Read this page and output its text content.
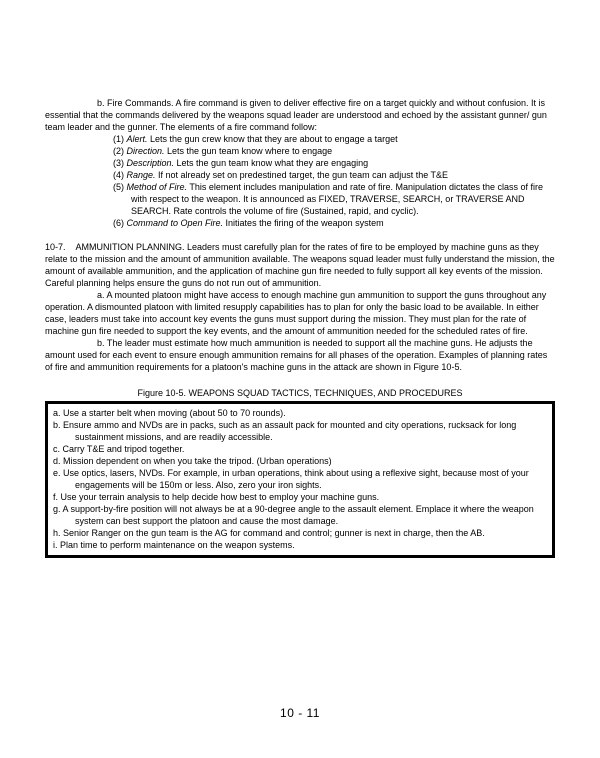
b. Fire Commands. A fire command is given to deliver effective fire on a target quickly and without confusion. It is essential that the commands delivered by the weapons squad leader are understood and echoed by the assistant gunner/ gun team leader and the gunner. The elements of a fire command follow:

(1) Alert. Lets the gun crew know that they are about to engage a target
(2) Direction. Lets the gun team know where to engage
(3) Description. Lets the gun team know what they are engaging
(4) Range. If not already set on predestined target, the gun team can adjust the T&E
(5) Method of Fire. This element includes manipulation and rate of fire. Manipulation dictates the class of fire with respect to the weapon. It is announced as FIXED, TRAVERSE, SEARCH, or TRAVERSE AND SEARCH. Rate controls the volume of fire (Sustained, rapid, and cyclic).
(6) Command to Open Fire. Initiates the firing of the weapon system

10-7.    AMMUNITION PLANNING. Leaders must carefully plan for the rates of fire to be employed by machine guns as they relate to the mission and the amount of ammunition available. The weapons squad leader must fully understand the mission, the amount of available ammunition, and the application of machine gun fire needed to fully support all key events of the mission. Careful planning helps ensure the guns do not run out of ammunition.

a. A mounted platoon might have access to enough machine gun ammunition to support the guns throughout any operation. A dismounted platoon with limited resupply capabilities has to plan for only the basic load to be available. In either case, leaders must take into account key events the guns must support during the mission. They must plan for the rate of machine gun fire needed to support the key events, and the amount of ammunition needed for the scheduled rates of fire.

b. The leader must estimate how much ammunition is needed to support all the machine guns. He adjusts the amount used for each event to ensure enough ammunition remains for all phases of the operation. Examples of planning rates of fire and ammunition requirements for a platoon's machine guns in the attack are shown in Figure 10-5.

Figure 10-5. WEAPONS SQUAD TACTICS, TECHNIQUES, AND PROCEDURES
a. Use a starter belt when moving (about 50 to 70 rounds).
b. Ensure ammo and NVDs are in packs, such as an assault pack for mounted and city operations, rucksack for long sustainment missions, and are readily accessible.
c. Carry T&E and tripod together.
d. Mission dependent on when you take the tripod. (Urban operations)
e. Use optics, lasers, NVDs. For example, in urban operations, think about using a reflexive sight, because most of your engagements will be 150m or less. Also, zero your iron sights.
f. Use your terrain analysis to help decide how best to employ your machine guns.
g. A support-by-fire position will not always be at a 90-degree angle to the assault element. Emplace it where the weapon system can best support the platoon and cause the most damage.
h. Senior Ranger on the gun team is the AG for command and control; gunner is next in charge, then the AB.
i. Plan time to perform maintenance on the weapon systems.
10 - 11
